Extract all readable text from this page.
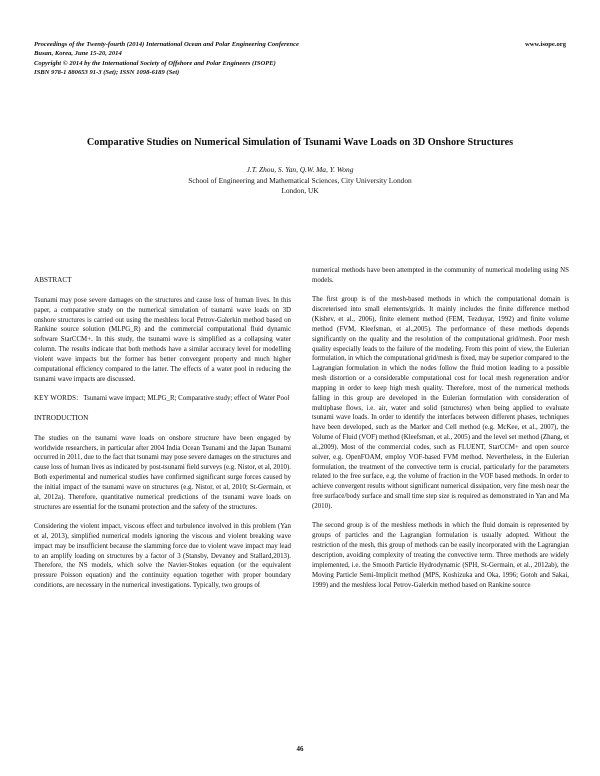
Proceedings of the Twenty-fourth (2014) International Ocean and Polar Engineering Conference
Busan, Korea, June 15-20, 2014
Copyright © 2014 by the International Society of Offshore and Polar Engineers (ISOPE)
ISBN 978-1 880653 91-3 (Set); ISSN 1098-6189 (Set)
www.isope.org
Comparative Studies on Numerical Simulation of Tsunami Wave Loads on 3D Onshore Structures
J.T. Zhou, S. Yan, Q.W. Ma, Y. Wong
School of Engineering and Mathematical Sciences, City University London
London, UK
ABSTRACT

Tsunami may pose severe damages on the structures and cause loss of human lives. In this paper, a comparative study on the numerical simulation of tsunami wave loads on 3D onshore structures is carried out using the meshless local Petrov-Galerkin method based on Rankine source solution (MLPG_R) and the commercial computational fluid dynamic software StarCCM+. In this study, the tsunami wave is simplified as a collapsing water column. The results indicate that both methods have a similar accuracy level for modelling violent wave impacts but the former has better convergent property and much higher computational efficiency compared to the latter. The effects of a water pool in reducing the tsunami wave impacts are discussed.

KEY WORDS: Tsunami wave impact; MLPG_R; Comparative study; effect of Water Pool

INTRODUCTION

The studies on the tsunami wave loads on onshore structure have been engaged by worldwide researchers, in particular after 2004 India Ocean Tsunami and the Japan Tsunami occurred in 2011, due to the fact that tsunami may pose severe damages on the structures and cause loss of human lives as indicated by post-tsunami field surveys (e.g. Nistor, et al, 2010). Both experimental and numerical studies have confirmed significant surge forces caused by the initial impact of the tsunami wave on structures (e.g. Nistor, et al, 2010; St-Germain, et al, 2012a). Therefore, quantitative numerical predictions of the tsunami wave loads on structures are essential for the tsunami protection and the safety of the structures.

Considering the violent impact, viscous effect and turbulence involved in this problem (Yan et al, 2013), simplified numerical models ignoring the viscous and violent breaking wave impact may be insufficient because the slamming force due to violent wave impact may lead to an amplify loading on structures by a factor of 3 (Stansby, Devaney and Stallard,2013). Therefore, the NS models, which solve the Navier-Stokes equation (or the equivalent pressure Poisson equation) and the continuity equation together with proper boundary conditions, are necessary in the numerical investigations. Typically, two groups of

numerical methods have been attempted in the community of numerical modeling using NS models.

The first group is of the mesh-based methods in which the computational domain is discreterised into small elements/grids. It mainly includes the finite difference method (Kishev, et al., 2006), finite element method (FEM, Tezduyar, 1992) and finite volume method (FVM, Kleefsman, et al.,2005). The performance of these methods depends significantly on the quality and the resolution of the computational grid/mesh. Poor mesh quality especially leads to the failure of the modeling. From this point of view, the Eulerian formulation, in which the computational grid/mesh is fixed, may be superior compared to the Lagrangian formulation in which the nodes follow the fluid motion leading to a possible mesh distortion or a considerable computational cost for local mesh regeneration and/or mapping in order to keep high mesh quality. Therefore, most of the numerical methods falling in this group are developed in the Eulerian formulation with consideration of multiphase flows, i.e. air, water and solid (structures) when being applied to evaluate tsunami wave loads. In order to identify the interfaces between different phases, techniques have been developed, such as the Marker and Cell method (e.g. McKee, et al., 2007), the Volume of Fluid (VOF) method (Kleefsman, et al., 2005) and the level set method (Zhang, et al.,2009). Most of the commercial codes, such as FLUENT, StarCCM+ and open source solver, e.g. OpenFOAM, employ VOF-based FVM method. Nevertheless, in the Eulerian formulation, the treatment of the convective term is crucial, particularly for the parameters related to the free surface, e.g. the volume of fraction in the VOF based methods. In order to achieve convergent results without significant numerical dissipation, very fine mesh near the free surface/body surface and small time step size is required as demonstrated in Yan and Ma (2010).

The second group is of the meshless methods in which the fluid domain is represented by groups of particles and the Lagrangian formulation is usually adopted. Without the restriction of the mesh, this group of methods can be easily incorporated with the Lagrangian description, avoiding complexity of treating the convective term. Three methods are widely implemented, i.e. the Smooth Particle Hydrodynamic (SPH, St-Germain, et al., 2012ab), the Moving Particle Semi-Implicit method (MPS, Koshizuka and Oka, 1996; Gotoh and Sakai, 1999) and the meshless local Petrov-Galerkin method based on Rankine source

46
